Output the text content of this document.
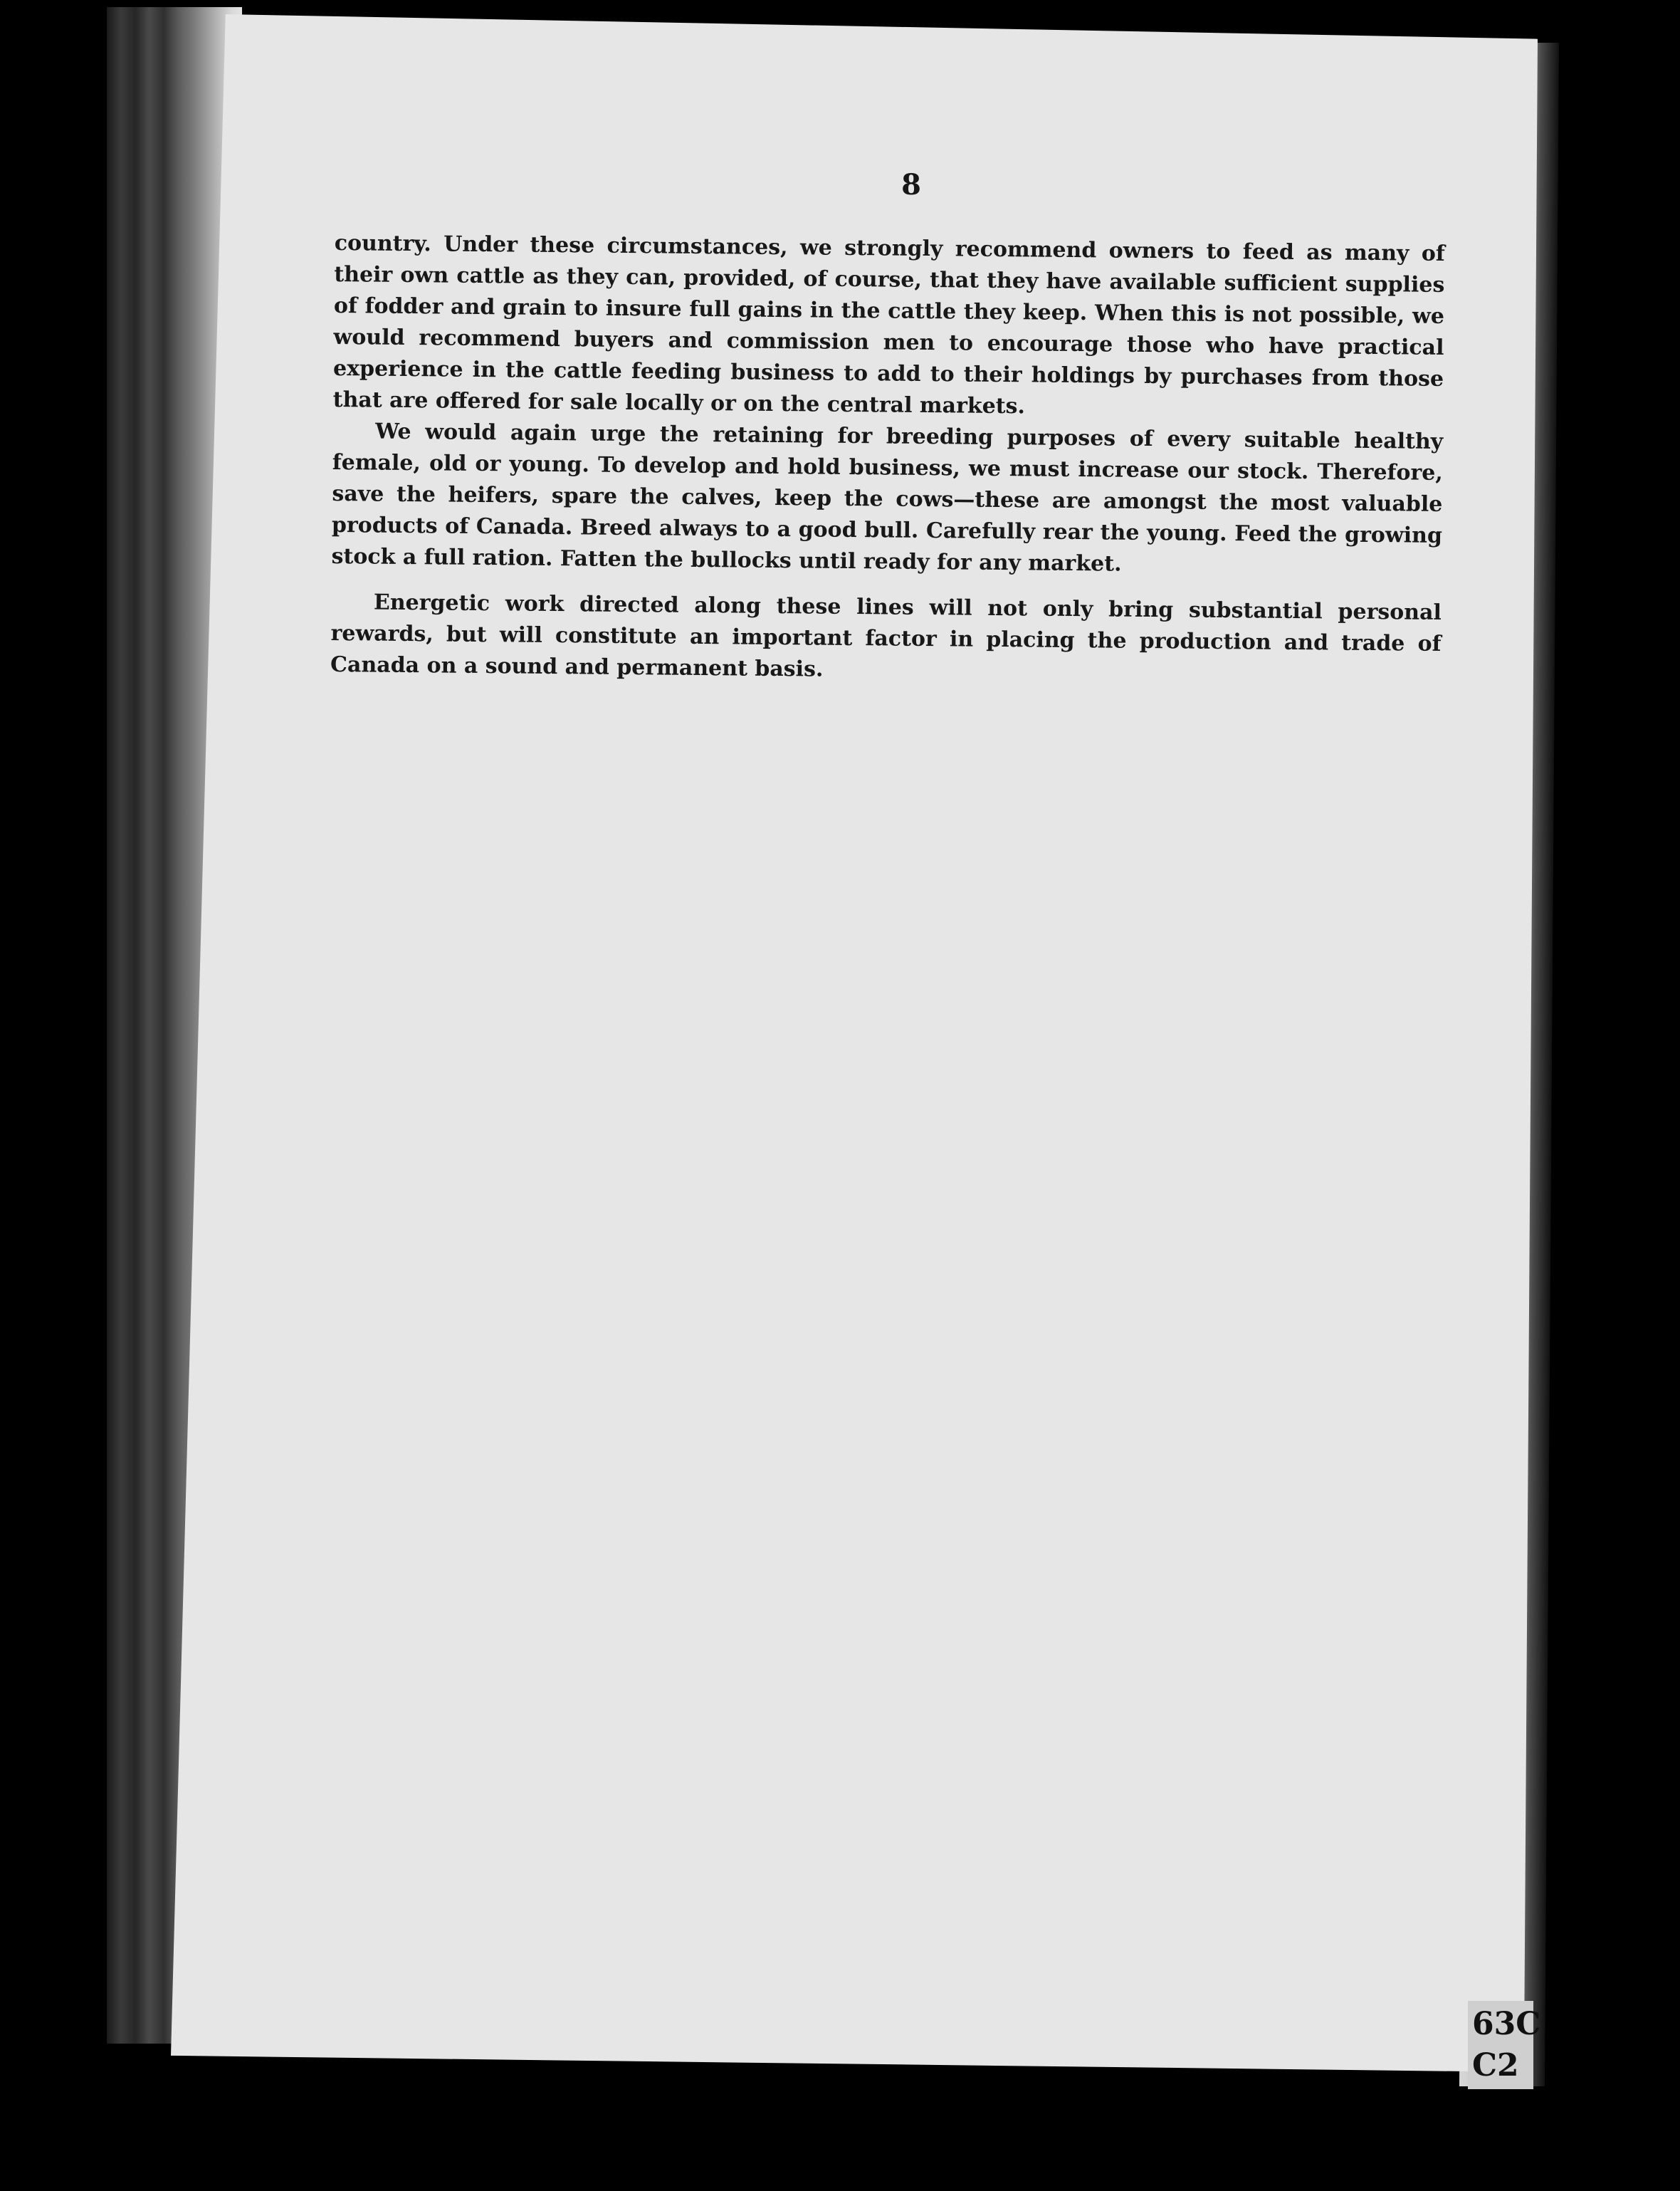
8

country. Under these circumstances, we strongly recommend owners to feed as many of their own cattle as they can, provided, of course, that they have available sufficient supplies of fodder and grain to insure full gains in the cattle they keep. When this is not possible, we would recommend buyers and commission men to encourage those who have practical experience in the cattle feeding business to add to their holdings by purchases from those that are offered for sale locally or on the central markets.

We would again urge the retaining for breeding purposes of every suitable healthy female, old or young. To develop and hold business, we must increase our stock. Therefore, save the heifers, spare the calves, keep the cows—these are amongst the most valuable products of Canada. Breed always to a good bull. Carefully rear the young. Feed the growing stock a full ration. Fatten the bullocks until ready for any market.

Energetic work directed along these lines will not only bring substantial personal rewards, but will constitute an important factor in placing the production and trade of Canada on a sound and permanent basis.

63C
C2
